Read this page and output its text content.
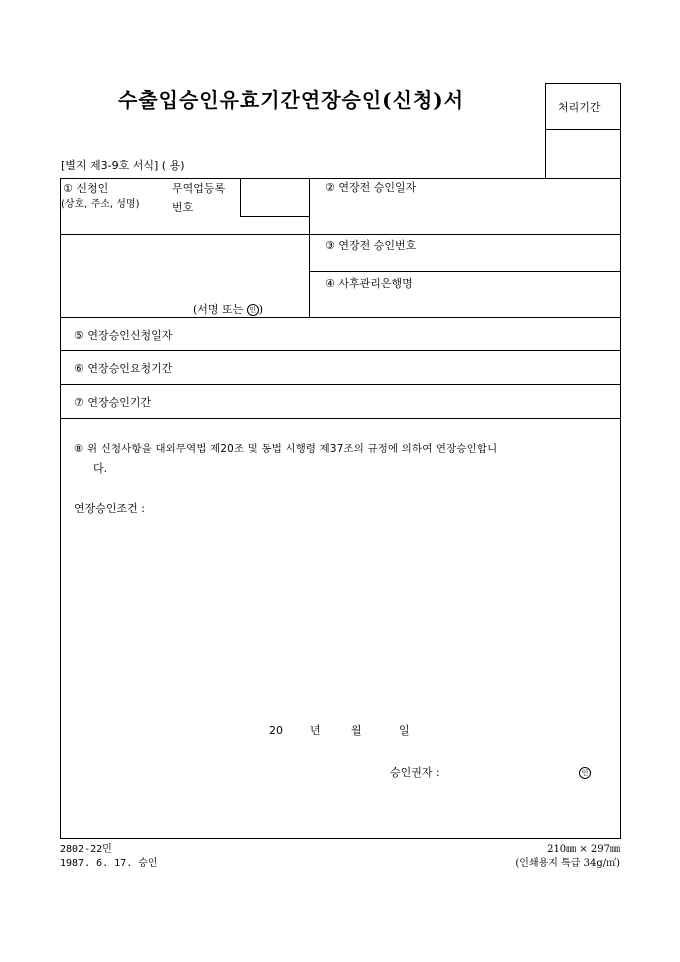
수출입승인유효기간연장승인(신청)서	처리기간
[별지 제3-9호 서식] ( 용)
① 신청인
(상호, 주소, 성명)
무역업등록
번호
(서명 또는 인 )
② 연장전 승인일자
③ 연장전 승인번호
④ 사후관리은행명
⑤ 연장승인신청일자
⑥ 연장승인요청기간
⑦ 연장승인기간
⑧ 위 신청사항을 대외무역법 제20조 및 동법 시행령 제37조의 규정에 의하여 연장승인합니
다.
연장승인조건 :
20 년	월	일
승인권자 :	인
2802-22민
1987. 6. 17. 승인
210㎜ × 297㎜
(인쇄용지 특급 34g/㎡)
